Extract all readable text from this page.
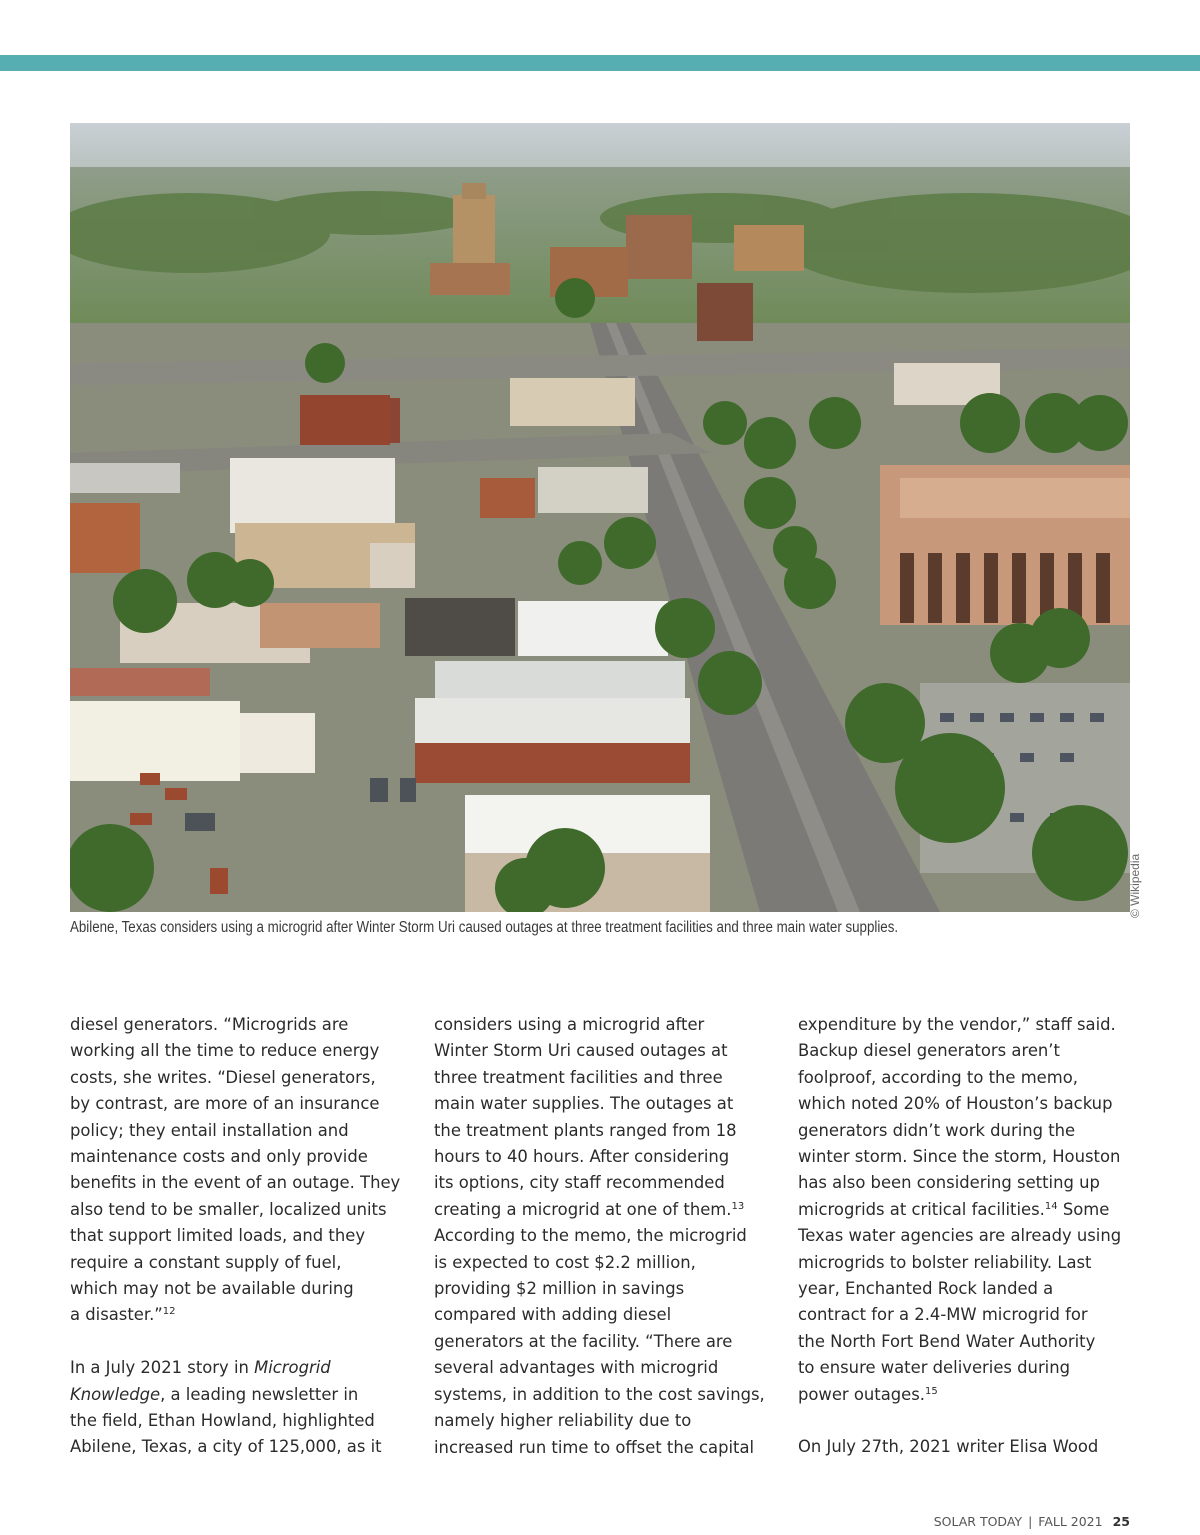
© Wikipedia
Abilene, Texas considers using a microgrid after Winter Storm Uri caused outages at three treatment facilities and three main water supplies.

diesel generators. “Microgrids are
working all the time to reduce energy
costs, she writes. “Diesel generators,
by contrast, are more of an insurance
policy; they entail installation and
maintenance costs and only provide
benefits in the event of an outage. They
also tend to be smaller, localized units
that support limited loads, and they
require a constant supply of fuel,
which may not be available during
a disaster.”$^{12}$

In a July 2021 story in Microgrid
Knowledge, a leading newsletter in
the field, Ethan Howland, highlighted
Abilene, Texas, a city of 125,000, as it

considers using a microgrid after
Winter Storm Uri caused outages at
three treatment facilities and three
main water supplies. The outages at
the treatment plants ranged from 18
hours to 40 hours. After considering
its options, city staff recommended
creating a microgrid at one of them.$^{13}$
According to the memo, the microgrid
is expected to cost $2.2 million,
providing $2 million in savings
compared with adding diesel
generators at the facility. “There are
several advantages with microgrid
systems, in addition to the cost savings,
namely higher reliability due to
increased run time to offset the capital

expenditure by the vendor,” staff said.
Backup diesel generators aren’t
foolproof, according to the memo,
which noted 20% of Houston’s backup
generators didn’t work during the
winter storm. Since the storm, Houston
has also been considering setting up
microgrids at critical facilities.$^{14}$ Some
Texas water agencies are already using
microgrids to bolster reliability. Last
year, Enchanted Rock landed a
contract for a 2.4-MW microgrid for
the North Fort Bend Water Authority
to ensure water deliveries during
power outages.$^{15}$

On July 27th, 2021 writer Elisa Wood

SOLAR TODAY | FALL 2021 25
